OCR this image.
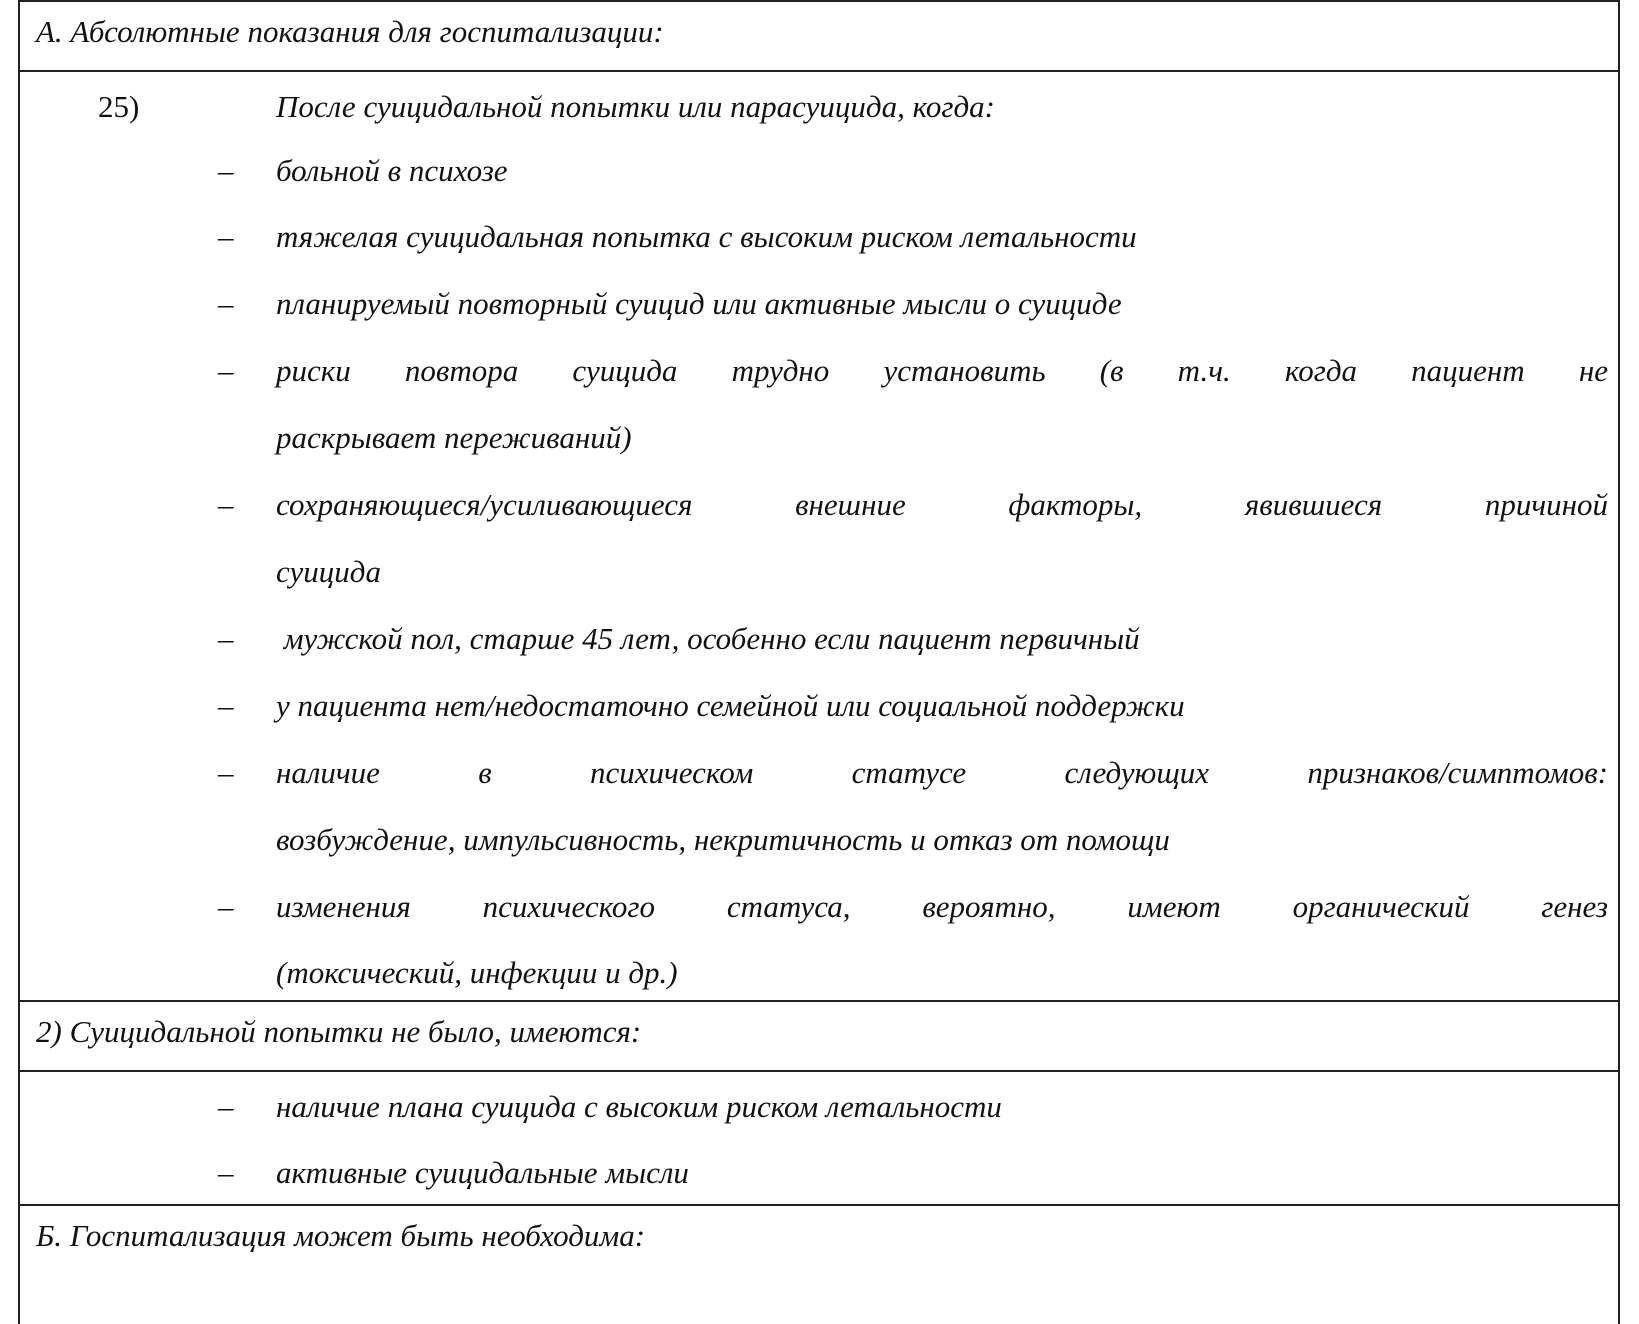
А. Абсолютные показания для госпитализации:
25)	После суицидальной попытки или парасуицида, когда:
– больной в психозе
– тяжелая суицидальная попытка с высоким риском летальности
– планируемый повторный суицид или активные мысли о суициде
– риски повтора суицида трудно установить (в т.ч. когда пациент не
раскрывает переживаний)
– сохраняющиеся/усиливающиеся внешние факторы, явившиеся причиной
суицида
– мужской пол, старше 45 лет, особенно если пациент первичный
– у пациента нет/недостаточно семейной или социальной поддержки
– наличие в психическом статусе следующих признаков/симптомов:
возбуждение, импульсивность, некритичность и отказ от помощи
– изменения психического статуса, вероятно, имеют органический генез
(токсический, инфекции и др.)
2) Суицидальной попытки не было, имеются:
– наличие плана суицида с высоким риском летальности
– активные суицидальные мысли
Б. Госпитализация может быть необходима:
